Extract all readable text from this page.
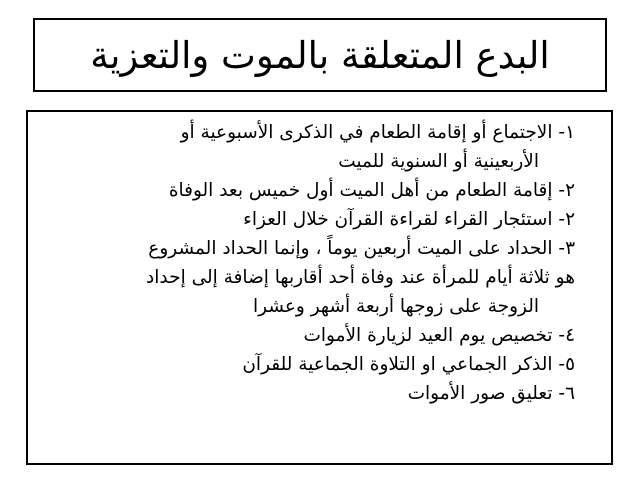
البدع المتعلقة بالموت والتعزية
١- الاجتماع أو إقامة الطعام في الذكرى الأسبوعية أو
الأربعينية أو السنوية للميت
٢- إقامة الطعام من أهل الميت أول خميس بعد الوفاة
٢- استئجار القراء لقراءة القرآن خلال العزاء
٣- الحداد على الميت أربعين يوماً ، وإنما الحداد المشروع
هو ثلاثة أيام للمرأة عند وفاة أحد أقاربها إضافة إلى إحداد
الزوجة على زوجها أربعة أشهر وعشرا
٤- تخصيص يوم العيد لزيارة الأموات
٥- الذكر الجماعي او التلاوة الجماعية للقرآن
٦- تعليق صور الأموات
